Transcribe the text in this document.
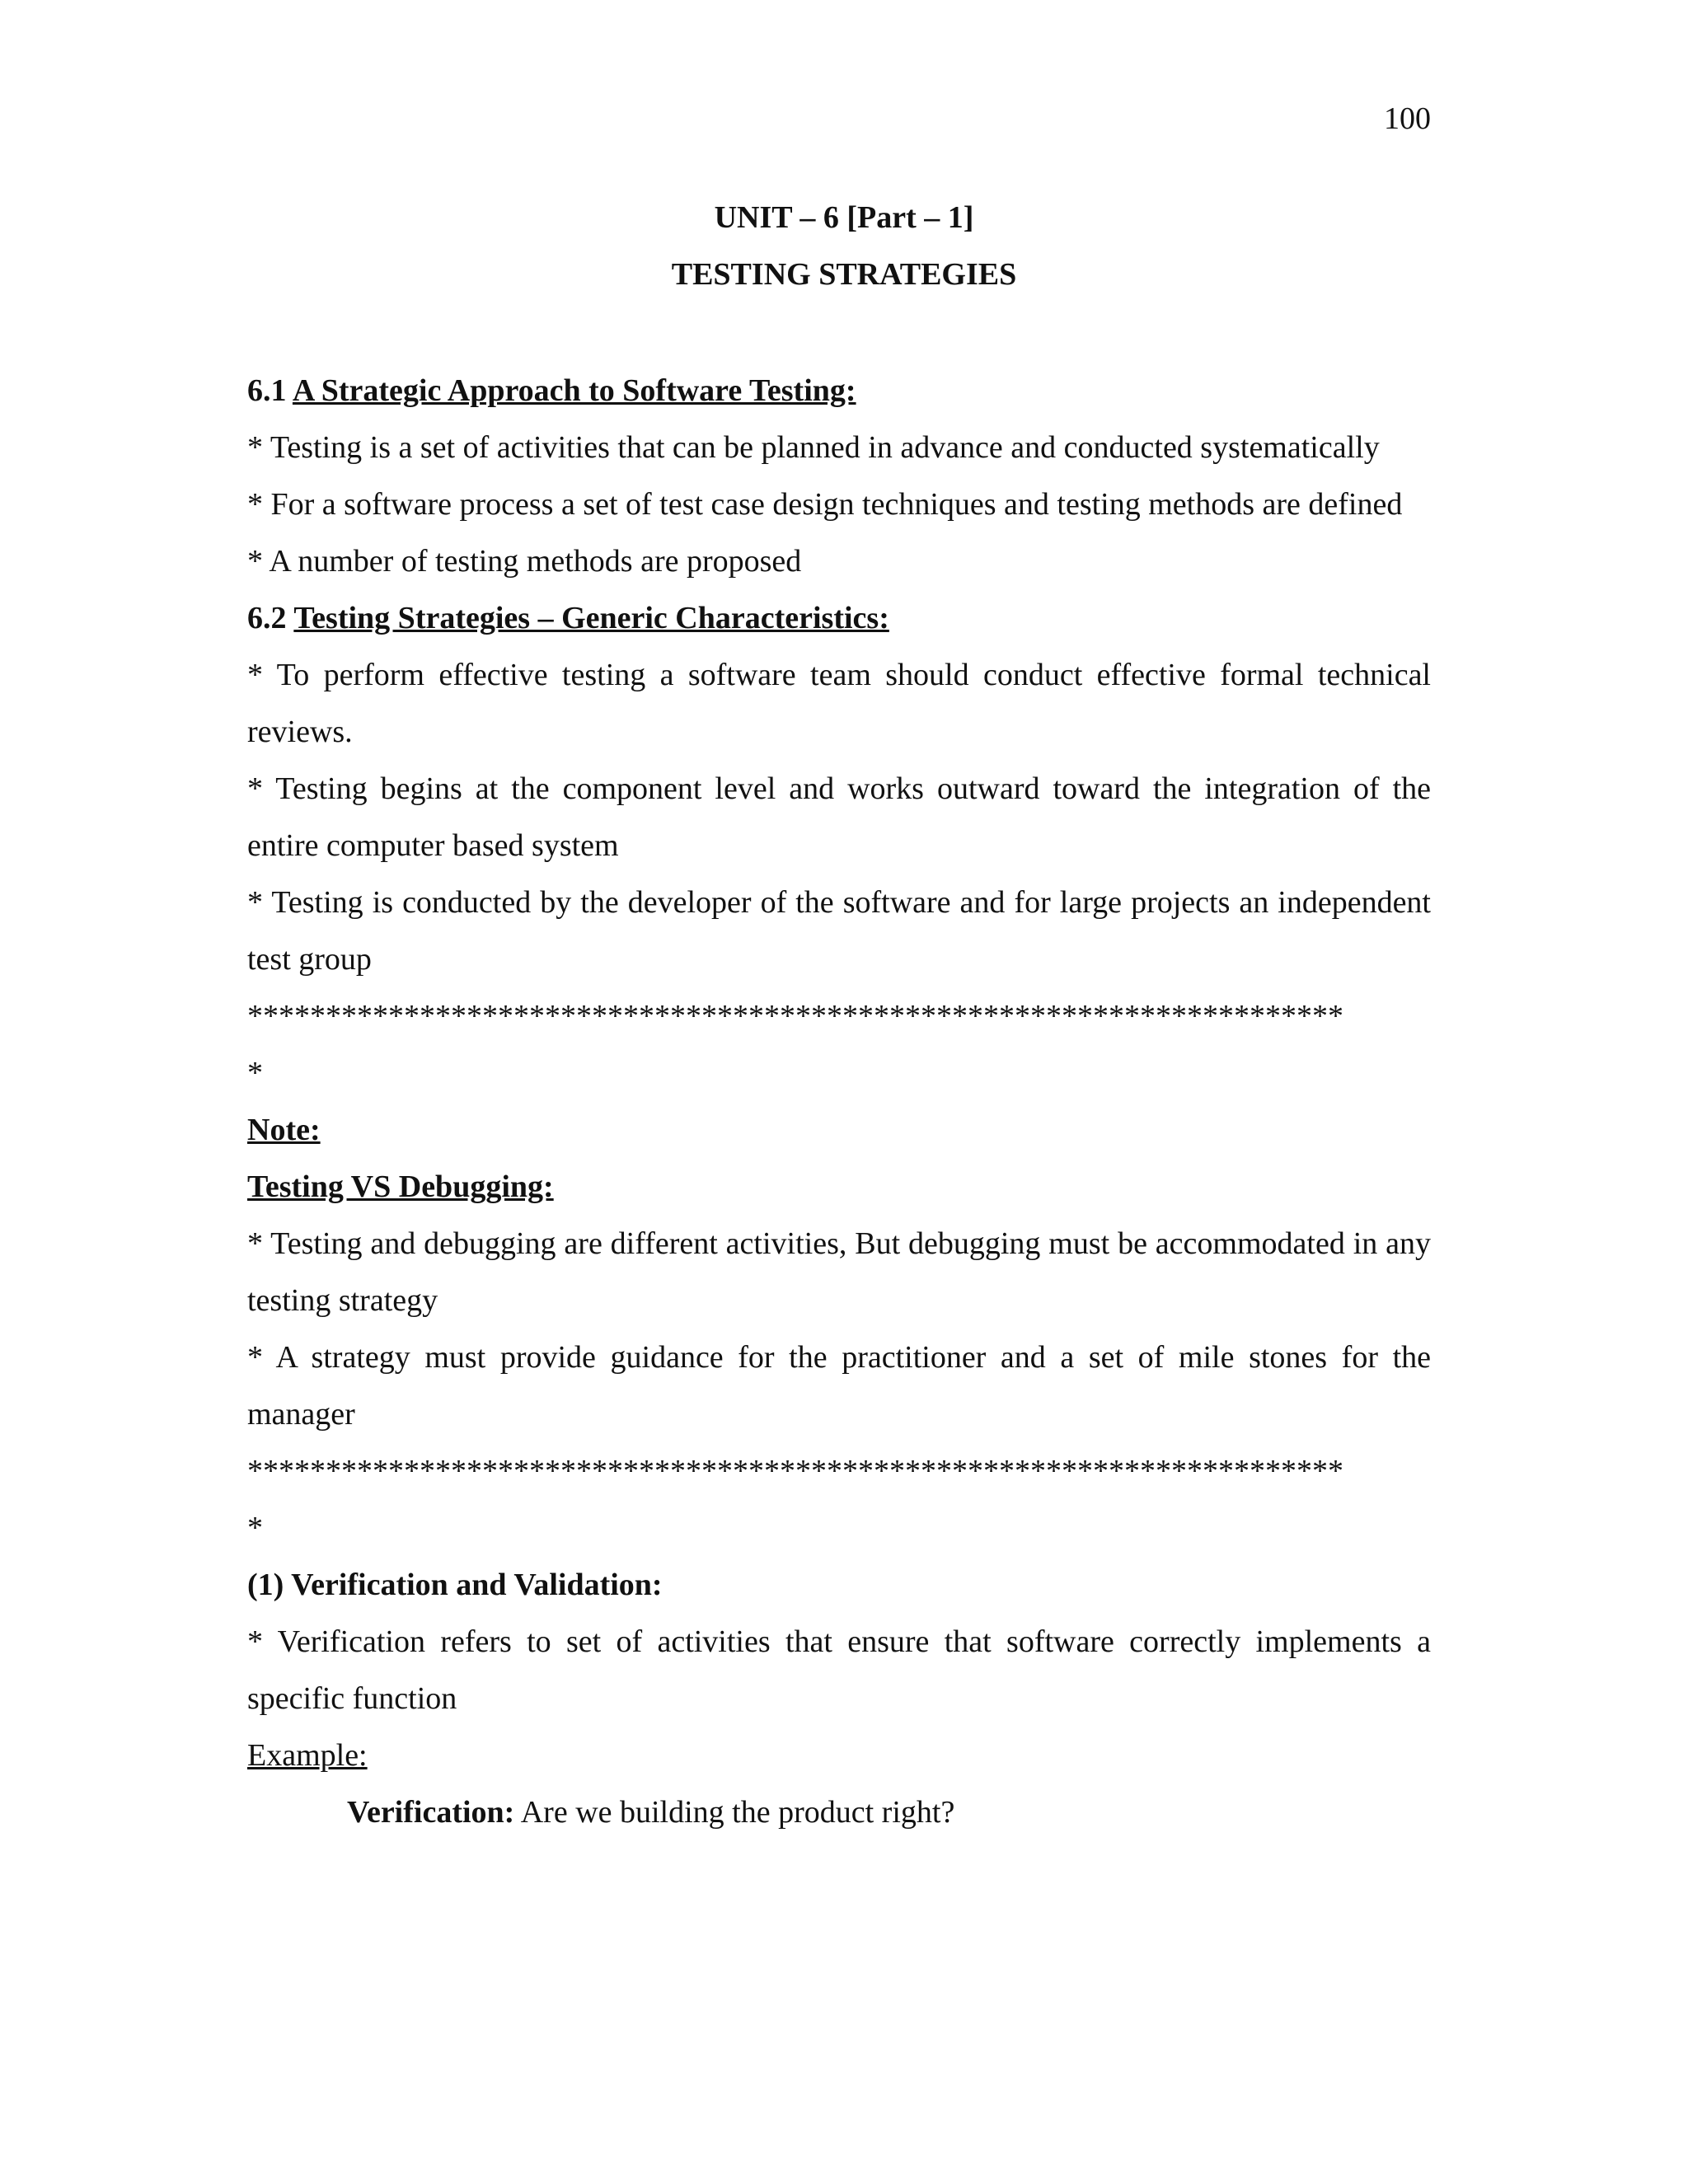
100
UNIT – 6 [Part – 1]
TESTING STRATEGIES

6.1 A Strategic Approach to Software Testing:

* Testing is a set of activities that can be planned in advance and conducted systematically

* For a software process a set of test case design techniques and testing methods are defined

* A number of testing methods are proposed

6.2 Testing Strategies – Generic Characteristics:

* To perform effective testing a software team should conduct effective formal technical reviews.

* Testing begins at the component level and works outward toward the integration of the entire computer based system

* Testing is conducted by the developer of the software and for large projects an independent test group

**********************************************************************

*

Note:

Testing VS Debugging:

* Testing and debugging are different activities, But debugging must be accommodated in any testing strategy

* A strategy must provide guidance for the practitioner and a set of mile stones for the manager

**********************************************************************

*

(1) Verification and Validation:

* Verification refers to set of activities that ensure that software correctly implements a specific function

Example:

Verification: Are we building the product right?
